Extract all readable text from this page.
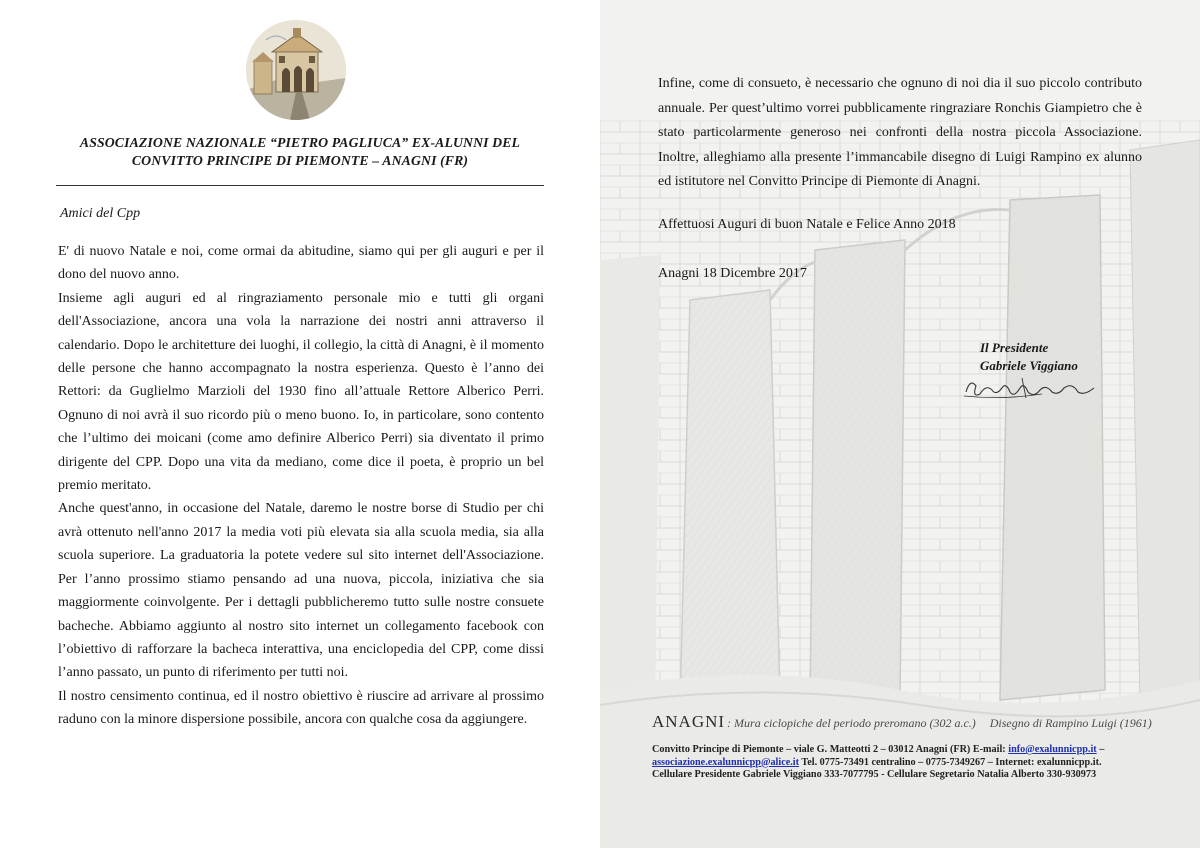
ASSOCIAZIONE NAZIONALE “PIETRO PAGLIUCA” EX-ALUNNI DEL
CONVITTO PRINCIPE DI PIEMONTE – ANAGNI (FR)
Amici del Cpp

E' di nuovo Natale e noi, come ormai da abitudine, siamo qui per gli auguri e per il dono del nuovo anno.

Insieme agli auguri ed al ringraziamento personale mio e tutti gli organi dell'Associazione, ancora una vola la narrazione dei nostri anni attraverso il calendario. Dopo le architetture dei luoghi, il collegio, la città di Anagni, è il momento delle persone che hanno accompagnato la nostra esperienza. Questo è l’anno dei Rettori: da Guglielmo Marzioli del 1930 fino all’attuale Rettore Alberico Perri. Ognuno di noi avrà il suo ricordo più o meno buono. Io, in particolare, sono contento che l’ultimo dei moicani (come amo definire Alberico Perri) sia diventato il primo dirigente del CPP. Dopo una vita da mediano, come dice il poeta, è proprio un bel premio meritato.

Anche quest'anno, in occasione del Natale, daremo le nostre borse di Studio per chi avrà ottenuto nell'anno 2017 la media voti più elevata sia alla scuola media, sia alla scuola superiore. La graduatoria la potete vedere sul sito internet dell'Associazione. Per l’anno prossimo stiamo pensando ad una nuova, piccola, iniziativa che sia maggiormente coinvolgente. Per i dettagli pubblicheremo tutto sulle nostre consuete bacheche. Abbiamo aggiunto al nostro sito internet un collegamento facebook con l’obiettivo di rafforzare la bacheca interattiva, una enciclopedia del CPP, come dissi l’anno passato, un punto di riferimento per tutti noi.

Il nostro censimento continua, ed il nostro obiettivo è riuscire ad arrivare al prossimo raduno con la minore dispersione possibile, ancora con qualche cosa da aggiungere.

Infine, come di consueto, è necessario che ognuno di noi dia il suo piccolo contributo annuale. Per quest’ultimo vorrei pubblicamente ringraziare Ronchis Giampietro che è stato particolarmente generoso nei confronti della nostra piccola Associazione. Inoltre, alleghiamo alla presente l’immancabile disegno di Luigi Rampino ex alunno ed istitutore nel Convitto Principe di Piemonte di Anagni.

Affettuosi Auguri di buon Natale e Felice Anno 2018
Anagni 18 Dicembre 2017
Il Presidente
Gabriele Viggiano
ANAGNI : Mura ciclopiche del periodo preromano (302 a.c.) Disegno di Rampino Luigi (1961)
Convitto Principe di Piemonte – viale G. Matteotti 2 – 03012 Anagni (FR) E-mail: info@exalunnicpp.it –
associazione.exalunnicpp@alice.it Tel. 0775-73491 centralino – 0775-7349267 – Internet: exalunnicpp.it.
Cellulare Presidente Gabriele Viggiano 333-7077795 - Cellulare Segretario Natalia Alberto 330-930973
